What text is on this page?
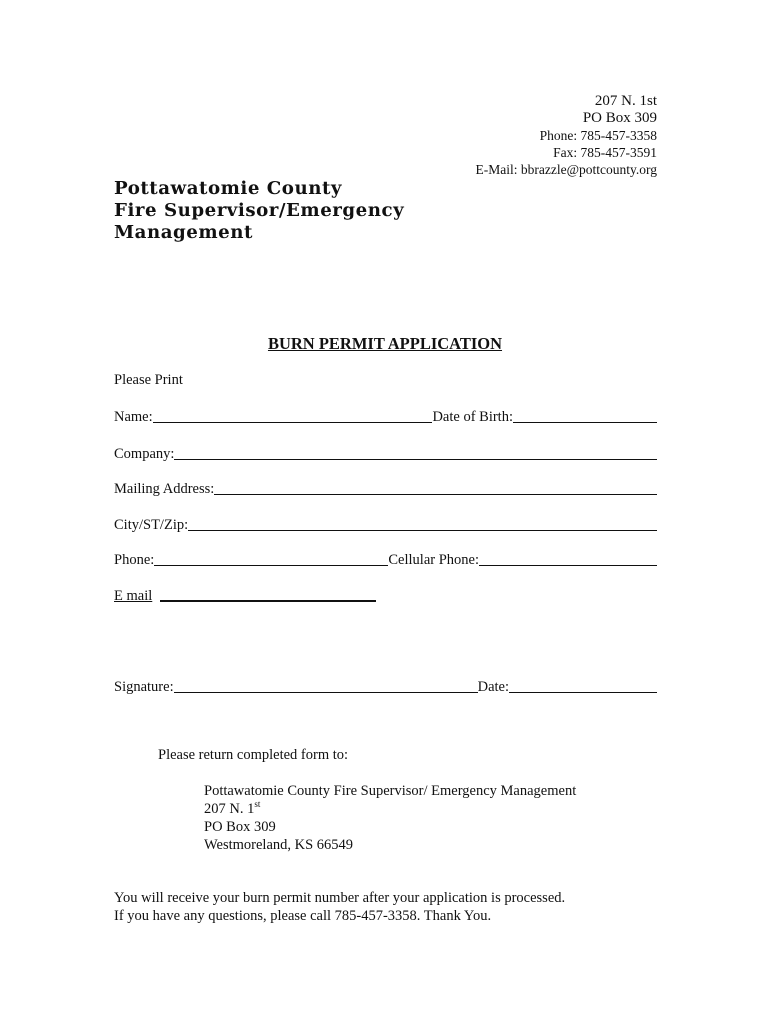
207 N. 1st
PO Box 309
Phone: 785-457-3358
Fax: 785-457-3591
E-Mail: bbrazzle@pottcounty.org
Pottawatomie County
Fire Supervisor/Emergency
Management
BURN PERMIT APPLICATION
Please Print
Name:	Date of Birth:
Company:
Mailing Address:
City/ST/Zip:
Phone:	Cellular Phone:
E mail
Signature:	Date:
Please return completed form to:
Pottawatomie County Fire Supervisor/ Emergency Management
207 N. 1st
PO Box 309
Westmoreland, KS 66549
You will receive your burn permit number after your application is processed.
If you have any questions, please call 785-457-3358. Thank You.
